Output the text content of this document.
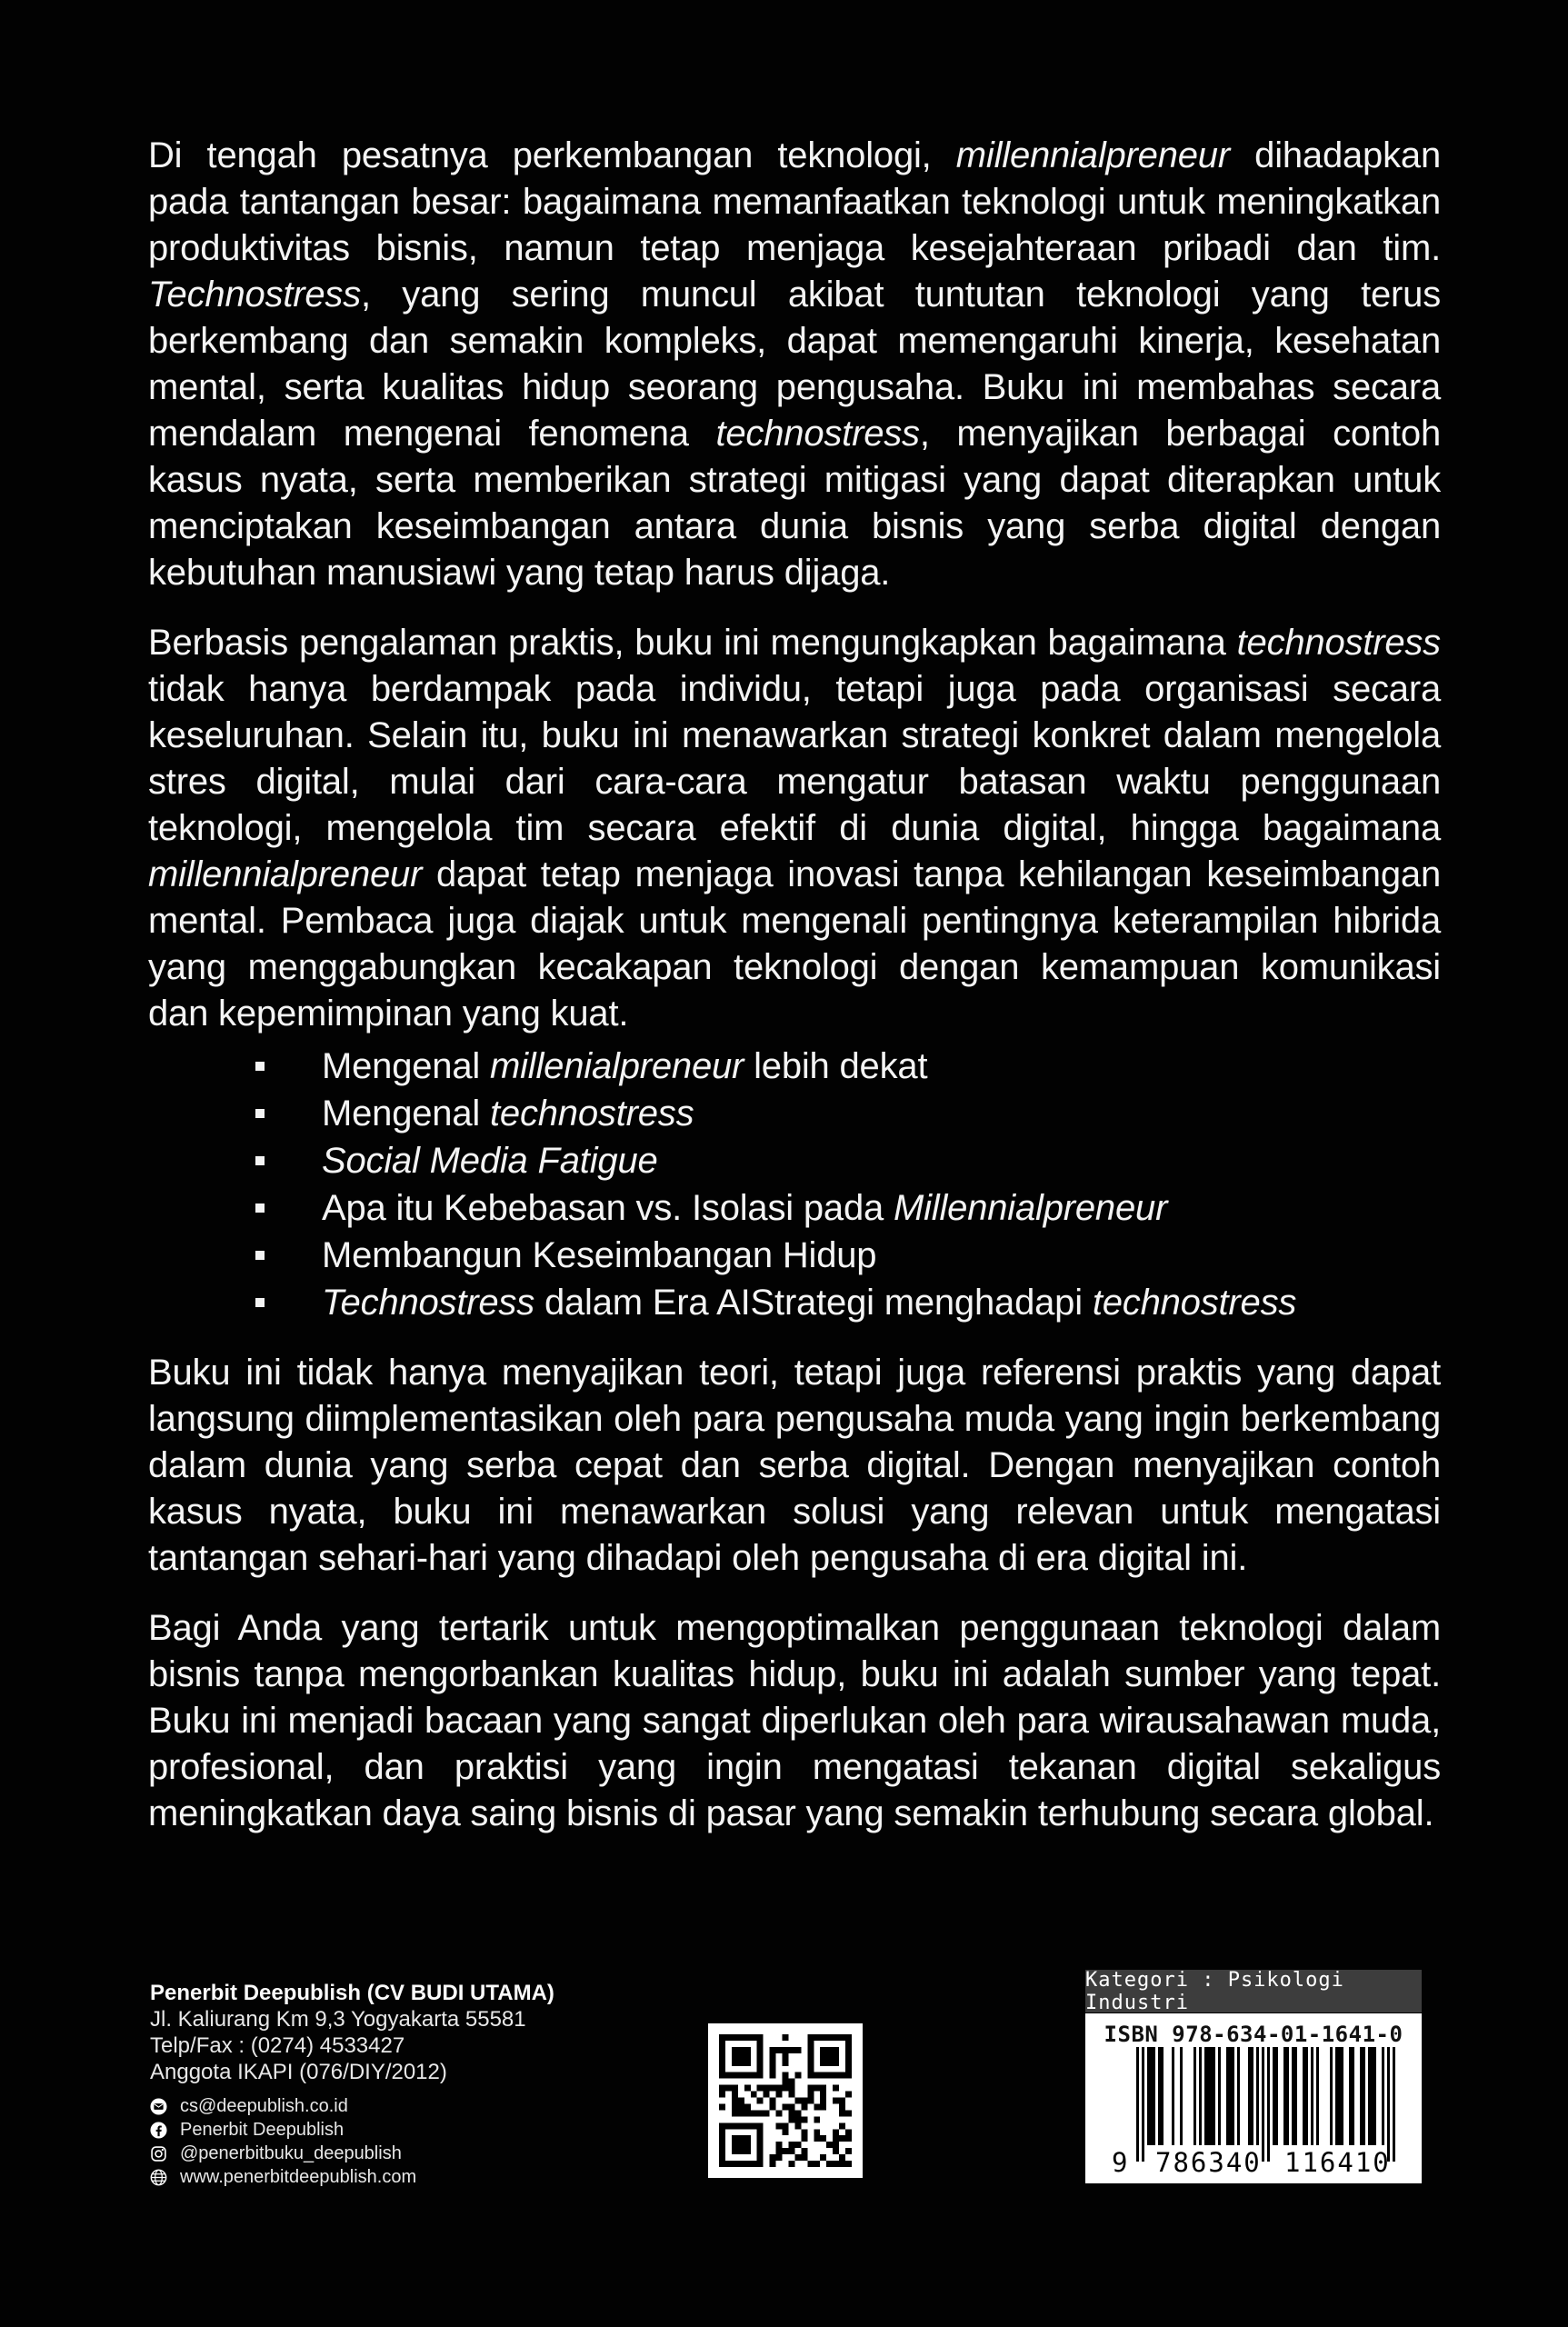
Di tengah pesatnya perkembangan teknologi, millennialpreneur dihadapkan pada tantangan besar: bagaimana memanfaatkan teknologi untuk meningkatkan produktivitas bisnis, namun tetap menjaga kesejahteraan pribadi dan tim. Technostress, yang sering muncul akibat tuntutan teknologi yang terus berkembang dan semakin kompleks, dapat memengaruhi kinerja, kesehatan mental, serta kualitas hidup seorang pengusaha. Buku ini membahas secara mendalam mengenai fenomena technostress, menyajikan berbagai contoh kasus nyata, serta memberikan strategi mitigasi yang dapat diterapkan untuk menciptakan keseimbangan antara dunia bisnis yang serba digital dengan kebutuhan manusiawi yang tetap harus dijaga.

Berbasis pengalaman praktis, buku ini mengungkapkan bagaimana technostress tidak hanya berdampak pada individu, tetapi juga pada organisasi secara keseluruhan. Selain itu, buku ini menawarkan strategi konkret dalam mengelola stres digital, mulai dari cara-cara mengatur batasan waktu penggunaan teknologi, mengelola tim secara efektif di dunia digital, hingga bagaimana millennialpreneur dapat tetap menjaga inovasi tanpa kehilangan keseimbangan mental. Pembaca juga diajak untuk mengenali pentingnya keterampilan hibrida yang menggabungkan kecakapan teknologi dengan kemampuan komunikasi dan kepemimpinan yang kuat.

Mengenal millenialpreneur lebih dekat
Mengenal technostress
Social Media Fatigue
Apa itu Kebebasan vs. Isolasi pada Millennialpreneur
Membangun Keseimbangan Hidup
Technostress dalam Era AIStrategi menghadapi technostress

Buku ini tidak hanya menyajikan teori, tetapi juga referensi praktis yang dapat langsung diimplementasikan oleh para pengusaha muda yang ingin berkembang dalam dunia yang serba cepat dan serba digital. Dengan menyajikan contoh kasus nyata, buku ini menawarkan solusi yang relevan untuk mengatasi tantangan sehari-hari yang dihadapi oleh pengusaha di era digital ini.

Bagi Anda yang tertarik untuk mengoptimalkan penggunaan teknologi dalam bisnis tanpa mengorbankan kualitas hidup, buku ini adalah sumber yang tepat. Buku ini menjadi bacaan yang sangat diperlukan oleh para wirausahawan muda, profesional, dan praktisi yang ingin mengatasi tekanan digital sekaligus meningkatkan daya saing bisnis di pasar yang semakin terhubung secara global.

Penerbit Deepublish (CV BUDI UTAMA)
Jl. Kaliurang Km 9,3 Yogyakarta 55581
Telp/Fax : (0274) 4533427
Anggota IKAPI (076/DIY/2012)
cs@deepublish.co.id
Penerbit Deepublish
@penerbitbuku_deepublish
www.penerbitdeepublish.com
Kategori : Psikologi Industri
ISBN 978-634-01-1641-0
9 786340 116410
